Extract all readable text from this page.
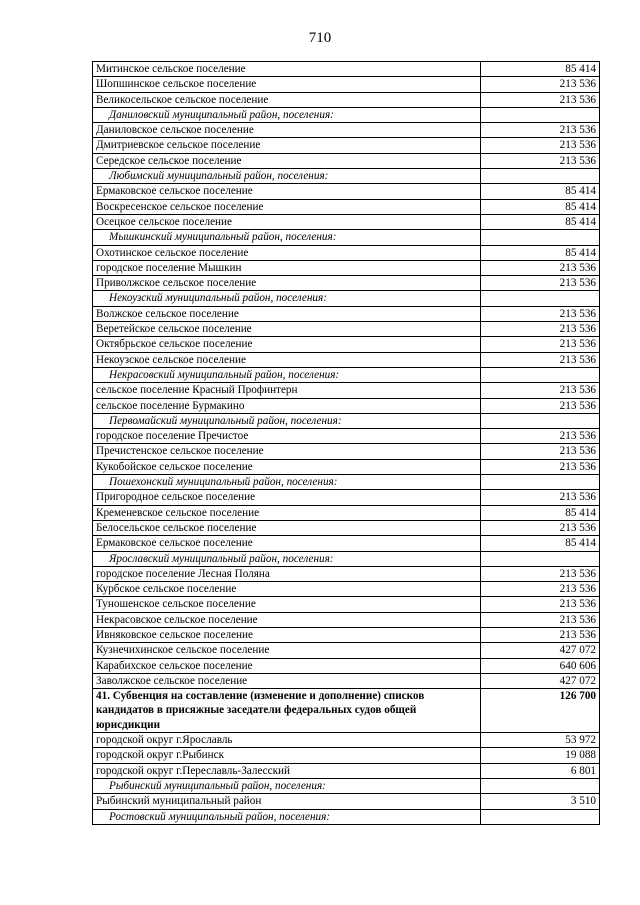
710
Митинское сельское поселение	85 414
Шопшинское сельское поселение	213 536
Великосельское сельское поселение	213 536
Даниловский муниципальный район, поселения:	
Даниловское сельское поселение	213 536
Дмитриевское сельское поселение	213 536
Середское сельское поселение	213 536
Любимский муниципальный район, поселения:	
Ермаковское сельское поселение	85 414
Воскресенское сельское поселение	85 414
Осецкое сельское поселение	85 414
Мышкинский муниципальный район, поселения:	
Охотинское сельское поселение	85 414
городское поселение Мышкин	213 536
Приволжское сельское поселение	213 536
Некоузский муниципальный район, поселения:	
Волжское сельское поселение	213 536
Веретейское сельское поселение	213 536
Октябрьское сельское поселение	213 536
Некоузское сельское поселение	213 536
Некрасовский муниципальный район, поселения:	
сельское поселение Красный Профинтерн	213 536
сельское поселение Бурмакино	213 536
Первомайский муниципальный район, поселения:	
городское поселение Пречистое	213 536
Пречистенское сельское поселение	213 536
Кукобойское сельское поселение	213 536
Пошехонский муниципальный район, поселения:	
Пригородное сельское поселение	213 536
Кременевское сельское поселение	85 414
Белосельское сельское поселение	213 536
Ермаковское сельское поселение	85 414
Ярославский муниципальный район, поселения:	
городское поселение Лесная Поляна	213 536
Курбское сельское поселение	213 536
Туношенское сельское поселение	213 536
Некрасовское сельское поселение	213 536
Ивняковское сельское поселение	213 536
Кузнечихинское сельское поселение	427 072
Карабихское сельское поселение	640 606
Заволжское сельское поселение	427 072
41. Субвенция на составление (изменение и дополнение) списков кандидатов в присяжные заседатели федеральных судов общей юрисдикции	126 700
городской округ г.Ярославль	53 972
городской округ г.Рыбинск	19 088
городской округ г.Переславль-Залесский	6 801
Рыбинский муниципальный район, поселения:	
Рыбинский муниципальный район	3 510
Ростовский муниципальный район, поселения:	
